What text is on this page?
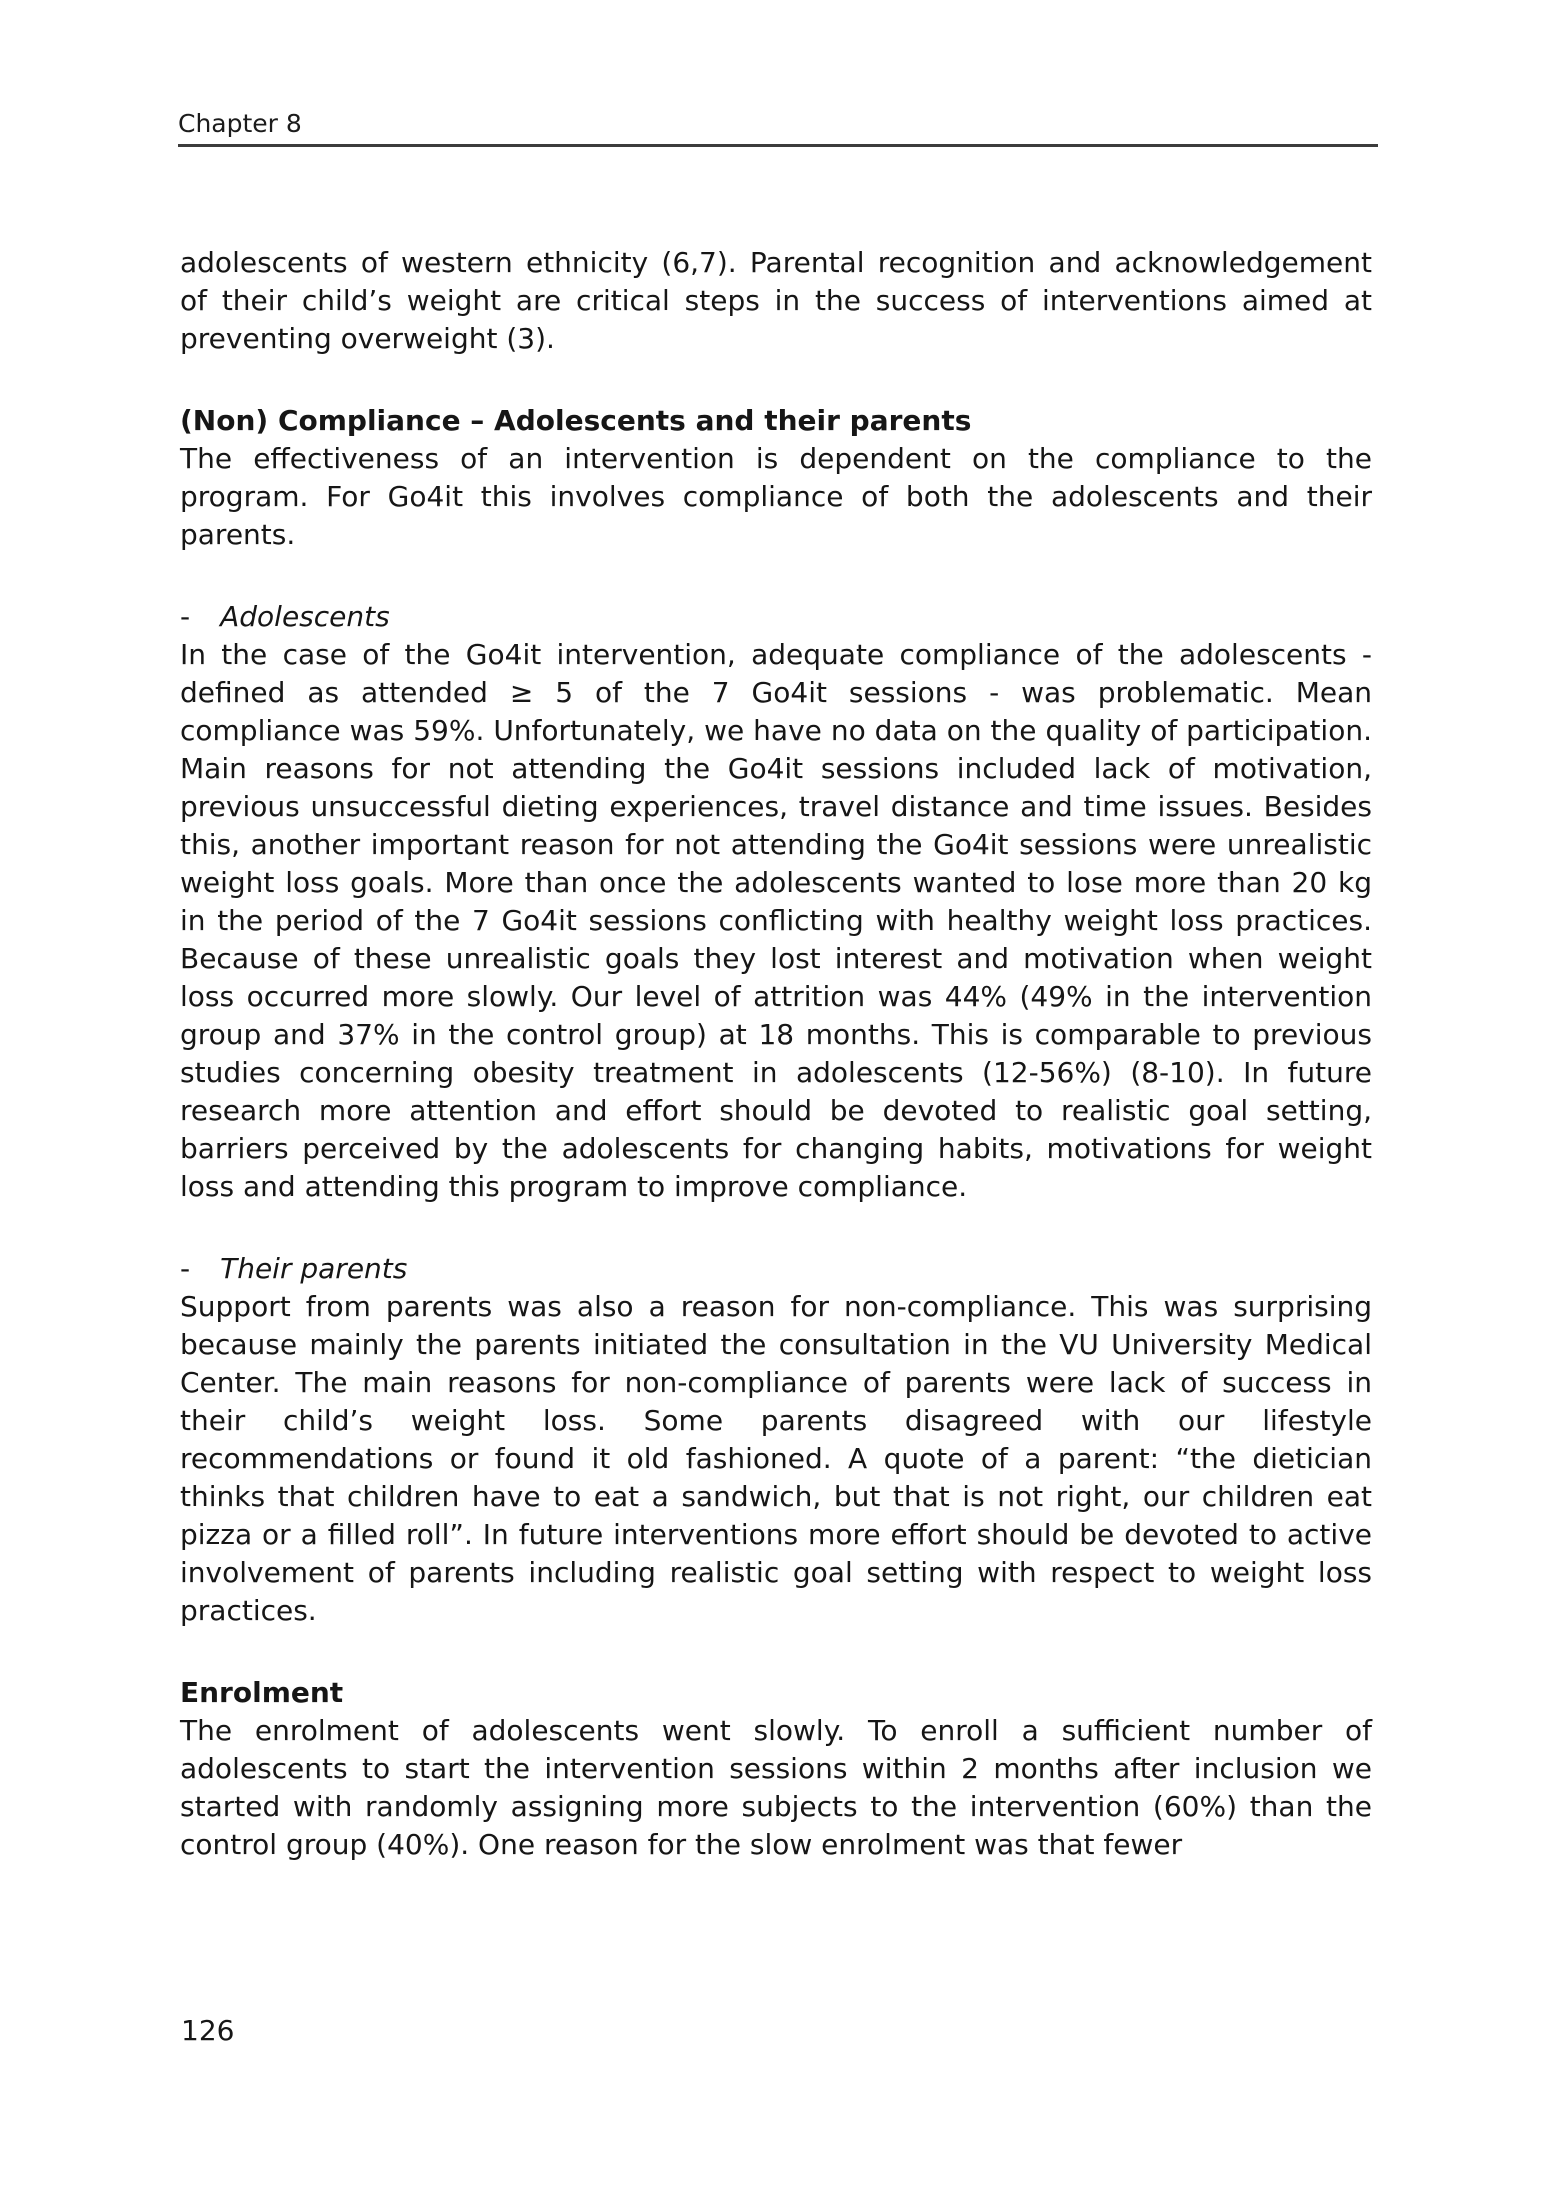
Chapter 8

adolescents of western ethnicity (6,7). Parental recognition and acknowledgement of their child’s weight are critical steps in the success of interventions aimed at preventing overweight (3).

(Non) Compliance – Adolescents and their parents

The effectiveness of an intervention is dependent on the compliance to the program. For Go4it this involves compliance of both the adolescents and their parents.

- Adolescents

In the case of the Go4it intervention, adequate compliance of the adolescents - defined as attended ≥ 5 of the 7 Go4it sessions - was problematic. Mean compliance was 59%. Unfortunately, we have no data on the quality of participation. Main reasons for not attending the Go4it sessions included lack of motivation, previous unsuccessful dieting experiences, travel distance and time issues. Besides this, another important reason for not attending the Go4it sessions were unrealistic weight loss goals. More than once the adolescents wanted to lose more than 20 kg in the period of the 7 Go4it sessions conflicting with healthy weight loss practices. Because of these unrealistic goals they lost interest and motivation when weight loss occurred more slowly. Our level of attrition was 44% (49% in the intervention group and 37% in the control group) at 18 months. This is comparable to previous studies concerning obesity treatment in adolescents (12-56%) (8-10). In future research more attention and effort should be devoted to realistic goal setting, barriers perceived by the adolescents for changing habits, motivations for weight loss and attending this program to improve compliance.

- Their parents

Support from parents was also a reason for non-compliance. This was surprising because mainly the parents initiated the consultation in the VU University Medical Center. The main reasons for non-compliance of parents were lack of success in their child’s weight loss. Some parents disagreed with our lifestyle recommendations or found it old fashioned. A quote of a parent: “the dietician thinks that children have to eat a sandwich, but that is not right, our children eat pizza or a filled roll”. In future interventions more effort should be devoted to active involvement of parents including realistic goal setting with respect to weight loss practices.

Enrolment

The enrolment of adolescents went slowly. To enroll a sufficient number of adolescents to start the intervention sessions within 2 months after inclusion we started with randomly assigning more subjects to the intervention (60%) than the control group (40%). One reason for the slow enrolment was that fewer

126
